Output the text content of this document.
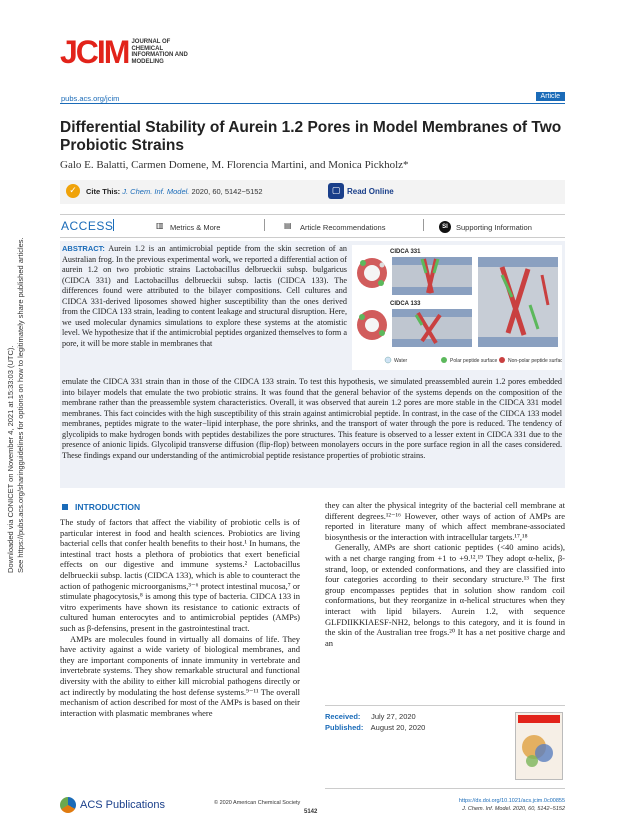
Downloaded via CONICET on November 4, 2021 at 15:33:03 (UTC). See https://pubs.acs.org/sharingguidelines for options on how to legitimately share published articles.
JCIM JOURNAL OF CHEMICAL INFORMATION AND MODELING
pubs.acs.org/jcim	Article
Differential Stability of Aurein 1.2 Pores in Model Membranes of Two Probiotic Strains
Galo E. Balatti, Carmen Domene, M. Florencia Martini, and Monica Pickholz*
✓	Cite This: J. Chem. Inf. Model. 2020, 60, 5142−5152	▢ Read Online
ACCESS	▥ Metrics & More	▤ Article Recommendations	SI	Supporting Information
ABSTRACT: Aurein 1.2 is an antimicrobial peptide from the skin secretion of an Australian frog. In the previous experimental work, we reported a differential action of aurein 1.2 on two probiotic strains Lactobacillus delbrueckii subsp. bulgaricus (CIDCA 331) and Lactobacillus delbrueckii subsp. lactis (CIDCA 133). The differences found were attributed to the bilayer compositions. Cell cultures and CIDCA 331-derived liposomes showed higher susceptibility than the ones derived from the CIDCA 133 strain, leading to content leakage and structural disruption. Here, we used molecular dynamics simulations to explore these systems at the atomistic level. We hypothesize that if the antimicrobial peptides organized themselves to form a pore, it will be more stable in membranes that
emulate the CIDCA 331 strain than in those of the CIDCA 133 strain. To test this hypothesis, we simulated preassembled aurein 1.2 pores embedded into bilayer models that emulate the two probiotic strains. It was found that the general behavior of the systems depends on the composition of the membrane rather than the preassemble system characteristics. Overall, it was observed that aurein 1.2 pores are more stable in the CIDCA 331 model membranes. This fact coincides with the high susceptibility of this strain against antimicrobial peptide. In contrast, in the case of the CIDCA 133 model membranes, peptides migrate to the water−lipid interphase, the pore shrinks, and the transport of water through the pore is reduced. The tendency of glycolipids to make hydrogen bonds with peptides destabilizes the pore structures. This feature is observed to a lesser extent in CIDCA 331 due to the presence of anionic lipids. Glycolipid transverse diffusion (flip-flop) between monolayers occurs in the pore surface region in all the cases considered. These findings expand our understanding of the antimicrobial peptide resistance properties of probiotic strains.
CIDCA 331
CIDCA 133
Water	Polar peptide surface Non-polar peptide surface
INTRODUCTION

The study of factors that affect the viability of probiotic cells is of particular interest in food and health sciences. Probiotics are living bacterial cells that confer health benefits to their host.¹ In humans, the intestinal tract hosts a plethora of probiotics that exert beneficial effects on our digestive and immune systems.² Lactobacillus delbrueckii subsp. lactis (CIDCA 133), which is able to counteract the action of pathogenic microorganisms,³⁻⁶ protect intestinal mucosa,⁷ or stimulate phagocytosis,⁸ is among this type of bacteria. CIDCA 133 in vitro experiments have shown its resistance to cationic extracts of cultured human enterocytes and to antimicrobial peptides (AMPs) such as β-defensins, present in the gastrointestinal tract.

AMPs are molecules found in virtually all domains of life. They have activity against a wide variety of biological membranes, and they are important components of innate immunity in vertebrate and invertebrate systems. They show remarkable structural and functional diversity with the ability to either kill microbial pathogens directly or act indirectly by modulating the host defense systems.⁹⁻¹¹ The overall mechanism of action described for most of the AMPs is based on their interaction with plasmatic membranes where

they can alter the physical integrity of the bacterial cell membrane at different degrees.¹²⁻¹⁶ However, other ways of action of AMPs are reported in literature many of which affect membrane-associated biosynthesis or the interaction with intracellular targets.¹⁷,¹⁸

Generally, AMPs are short cationic peptides (<40 amino acids), with a net charge ranging from +1 to +9.¹²,¹⁹ They adopt α-helix, β-strand, loop, or extended conformations, and they are classified into four categories according to their secondary structure.¹³ The first group encompasses peptides that in solution show random coil conformations, but they reorganize in α-helical structures when they interact with lipid bilayers. Aurein 1.2, with sequence GLFDIIKKIAESF-NH2, belongs to this category, and it is found in the skin of the Australian tree frogs.²⁰ It has a net positive charge and an

Received: July 27, 2020
Published: August 20, 2020
ACS Publications	© 2020 American Chemical Society
5142
https://dx.doi.org/10.1021/acs.jcim.0c00855
J. Chem. Inf. Model. 2020, 60, 5142−5152
